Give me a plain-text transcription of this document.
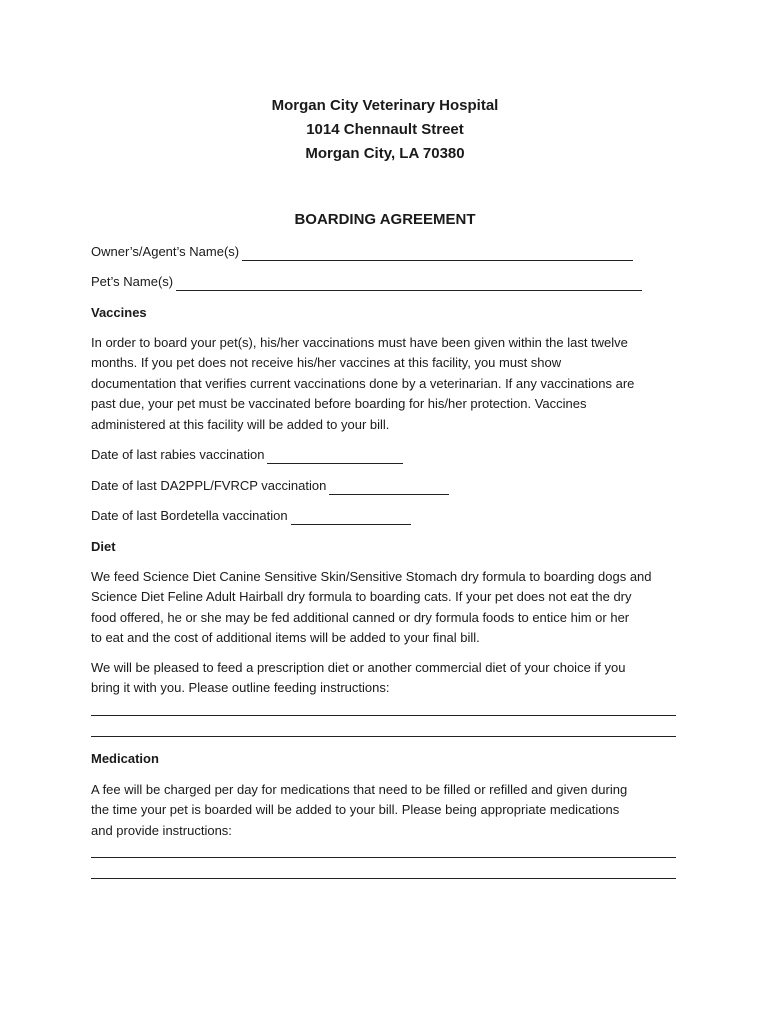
Morgan City Veterinary Hospital
1014 Chennault Street
Morgan City, LA 70380
BOARDING AGREEMENT
Owner’s/Agent’s Name(s)
Pet’s Name(s)
Vaccines
In order to board your pet(s), his/her vaccinations must have been given within the last twelve
months. If you pet does not receive his/her vaccines at this facility, you must show
documentation that verifies current vaccinations done by a veterinarian. If any vaccinations are
past due, your pet must be vaccinated before boarding for his/her protection. Vaccines
administered at this facility will be added to your bill.
Date of last rabies vaccination
Date of last DA2PPL/FVRCP vaccination
Date of last Bordetella vaccination
Diet
We feed Science Diet Canine Sensitive Skin/Sensitive Stomach dry formula to boarding dogs and
Science Diet Feline Adult Hairball dry formula to boarding cats. If your pet does not eat the dry
food offered, he or she may be fed additional canned or dry formula foods to entice him or her
to eat and the cost of additional items will be added to your final bill.
We will be pleased to feed a prescription diet or another commercial diet of your choice if you
bring it with you. Please outline feeding instructions:
Medication
A fee will be charged per day for medications that need to be filled or refilled and given during
the time your pet is boarded will be added to your bill. Please being appropriate medications
and provide instructions:
